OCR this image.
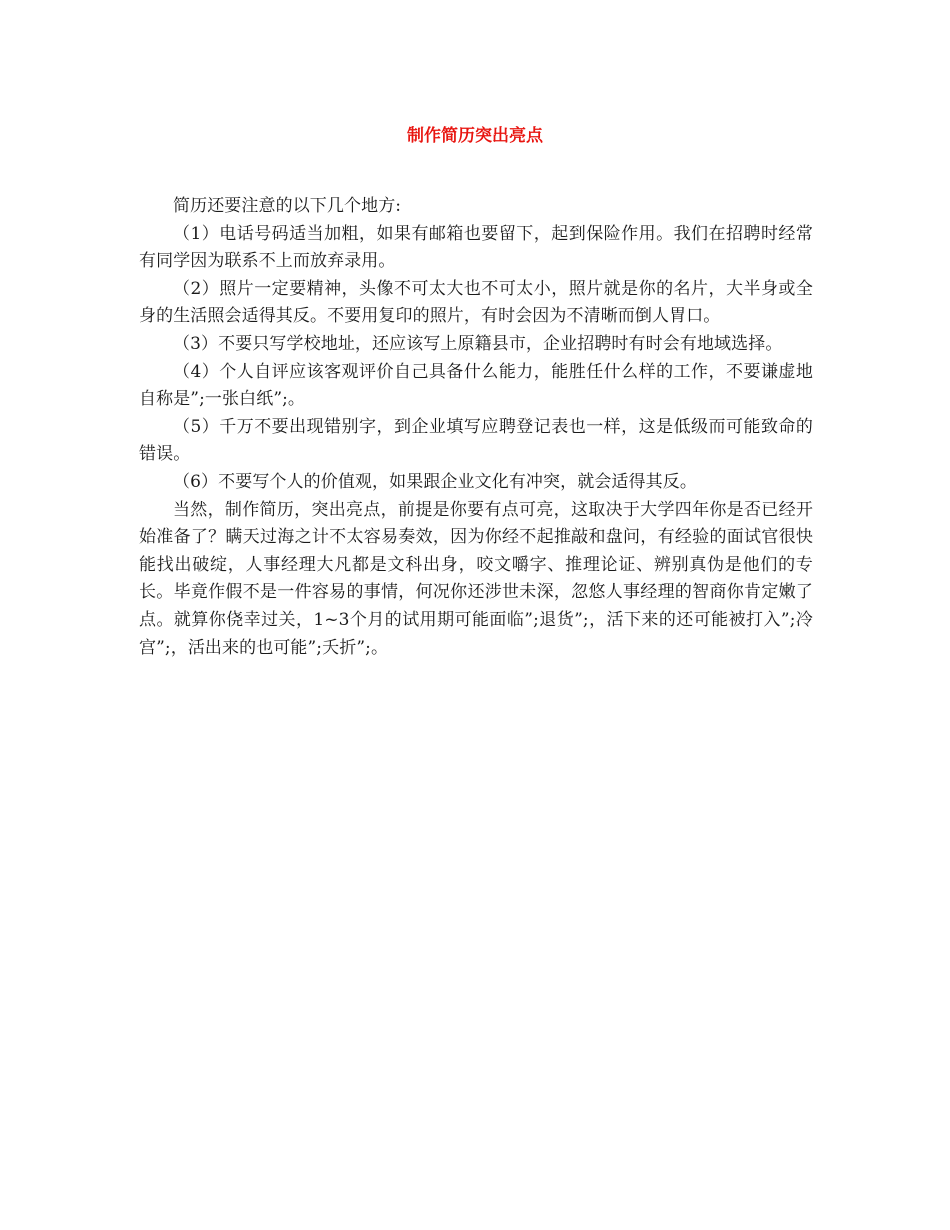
制作简历突出亮点

简历还要注意的以下几个地方:

（1）电话号码适当加粗，如果有邮箱也要留下，起到保险作用。我们在招聘时经常有同学因为联系不上而放弃录用。

（2）照片一定要精神，头像不可太大也不可太小，照片就是你的名片，大半身或全身的生活照会适得其反。不要用复印的照片，有时会因为不清晰而倒人胃口。

（3）不要只写学校地址，还应该写上原籍县市，企业招聘时有时会有地域选择。

（4）个人自评应该客观评价自己具备什么能力，能胜任什么样的工作，不要谦虚地自称是”;一张白纸”;。

（5）千万不要出现错别字，到企业填写应聘登记表也一样，这是低级而可能致命的错误。

（6）不要写个人的价值观，如果跟企业文化有冲突，就会适得其反。

当然，制作简历，突出亮点，前提是你要有点可亮，这取决于大学四年你是否已经开始准备了？瞒天过海之计不太容易奏效，因为你经不起推敲和盘问，有经验的面试官很快能找出破绽，人事经理大凡都是文科出身，咬文嚼字、推理论证、辨别真伪是他们的专长。毕竟作假不是一件容易的事情，何况你还涉世未深，忽悠人事经理的智商你肯定嫩了点。就算你侥幸过关，1~3个月的试用期可能面临”;退货”;，活下来的还可能被打入”;冷宫”;，活出来的也可能”;夭折”;。
